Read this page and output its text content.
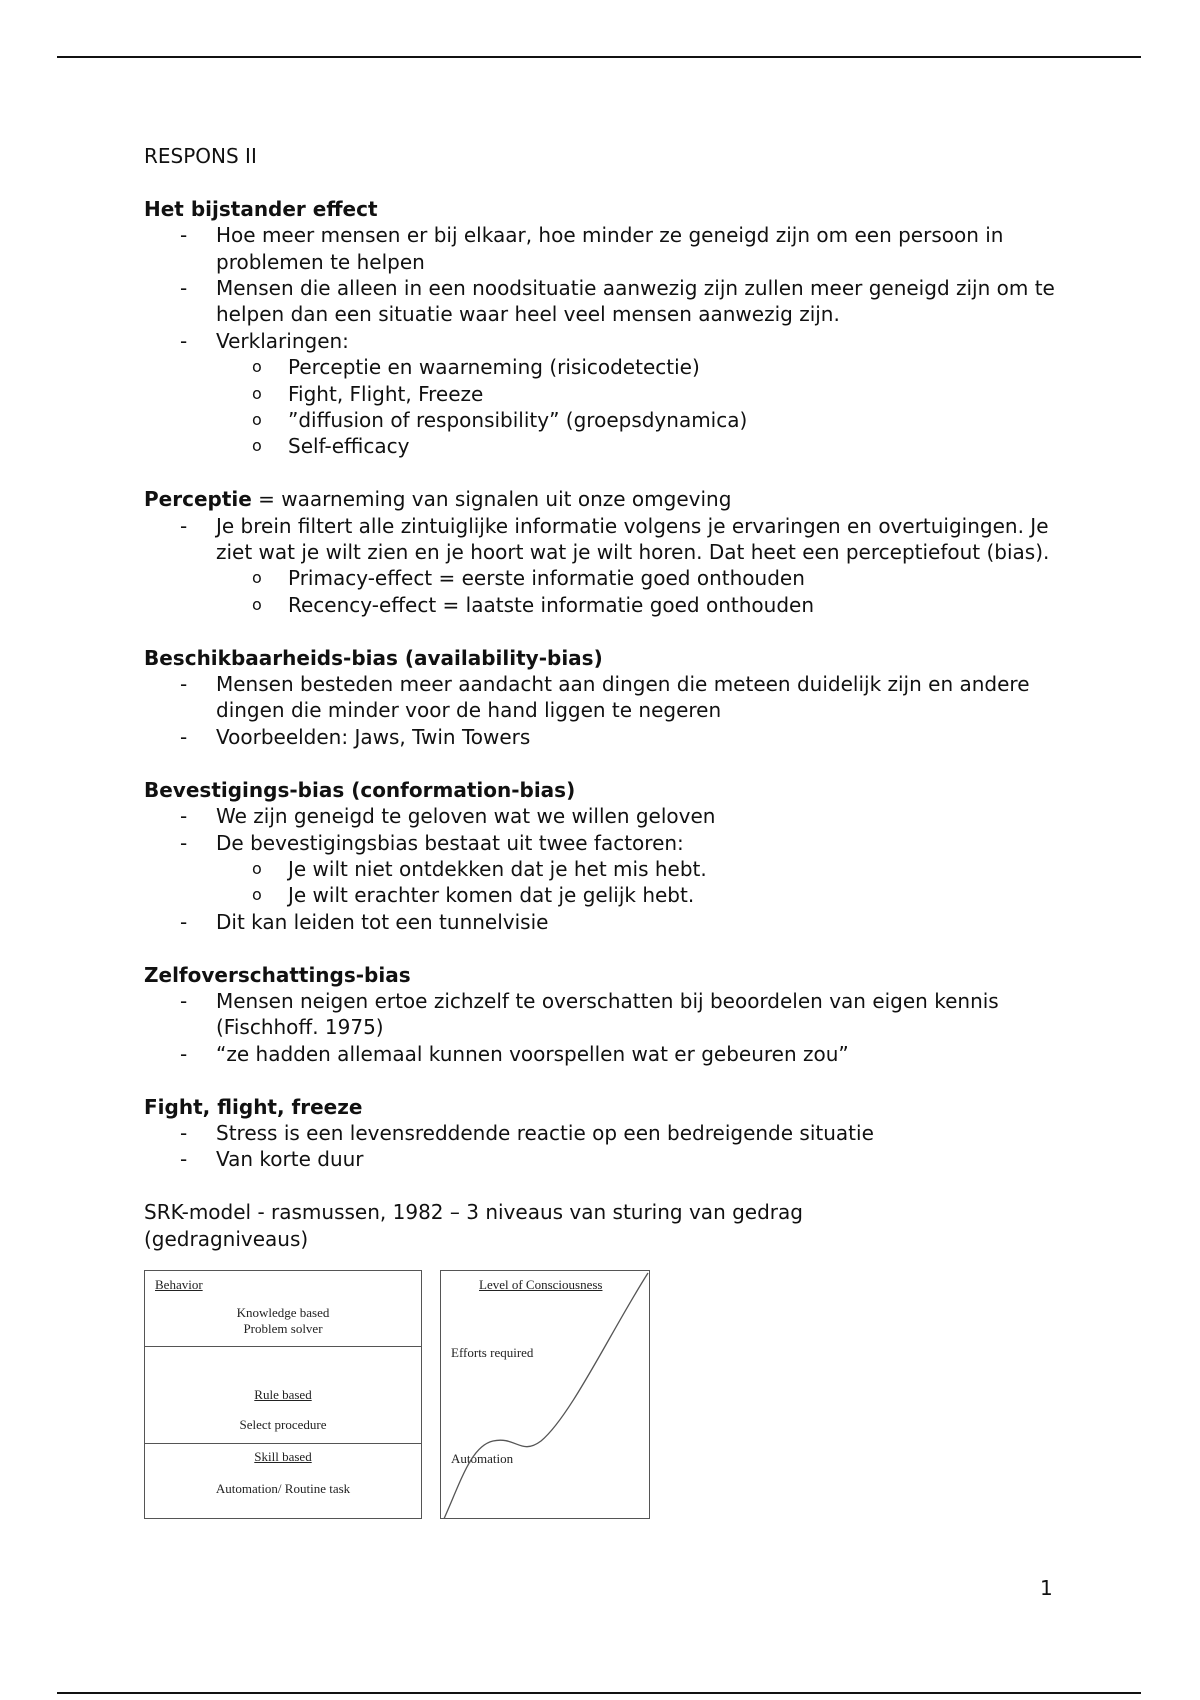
RESPONS II
Het bijstander effect
- Hoe meer mensen er bij elkaar, hoe minder ze geneigd zijn om een persoon in problemen te helpen
- Mensen die alleen in een noodsituatie aanwezig zijn zullen meer geneigd zijn om te helpen dan een situatie waar heel veel mensen aanwezig zijn.
- Verklaringen:
o Perceptie en waarneming (risicodetectie)
o Fight, Flight, Freeze
o ”diffusion of responsibility” (groepsdynamica)
o Self-efficacy
Perceptie = waarneming van signalen uit onze omgeving
- Je brein filtert alle zintuiglijke informatie volgens je ervaringen en overtuigingen. Je ziet wat je wilt zien en je hoort wat je wilt horen. Dat heet een perceptiefout (bias).
o Primacy-effect = eerste informatie goed onthouden
o Recency-effect = laatste informatie goed onthouden
Beschikbaarheids-bias (availability-bias)
- Mensen besteden meer aandacht aan dingen die meteen duidelijk zijn en andere dingen die minder voor de hand liggen te negeren
- Voorbeelden: Jaws, Twin Towers
Bevestigings-bias (conformation-bias)
- We zijn geneigd te geloven wat we willen geloven
- De bevestigingsbias bestaat uit twee factoren:
o Je wilt niet ontdekken dat je het mis hebt.
o Je wilt erachter komen dat je gelijk hebt.
- Dit kan leiden tot een tunnelvisie
Zelfoverschattings-bias
- Mensen neigen ertoe zichzelf te overschatten bij beoordelen van eigen kennis (Fischhoff. 1975)
- “ze hadden allemaal kunnen voorspellen wat er gebeuren zou”
Fight, flight, freeze
- Stress is een levensreddende reactie op een bedreigende situatie
- Van korte duur
SRK-model - rasmussen, 1982 – 3 niveaus van sturing van gedrag (gedragniveaus)
Behavior
Knowledge based
Problem solver
Rule based
Select procedure
Skill based
Automation/ Routine task
Level of Consciousness
Efforts required
Automation
1
